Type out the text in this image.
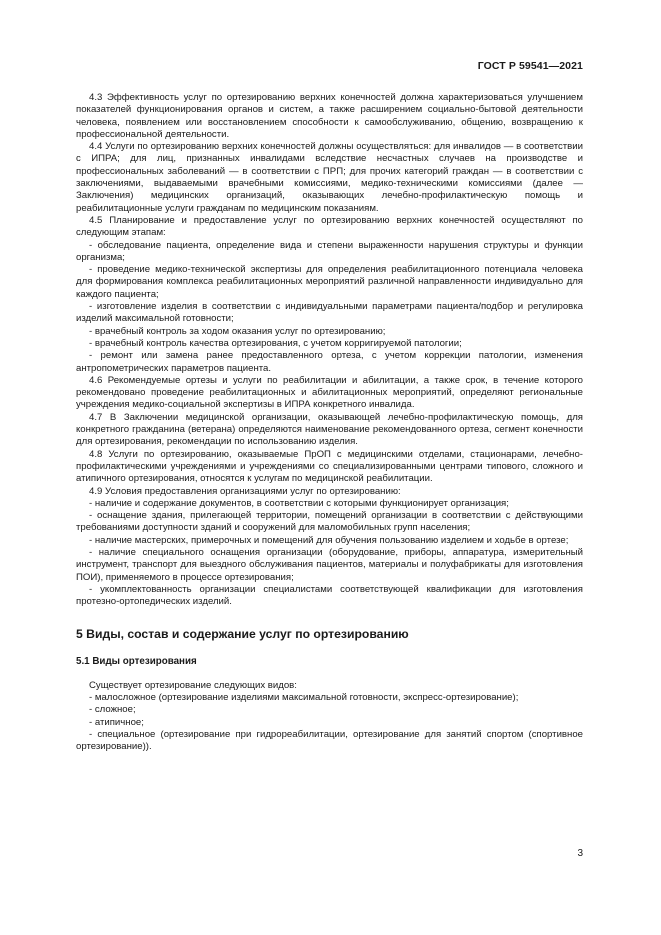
ГОСТ Р 59541—2021

4.3 Эффективность услуг по ортезированию верхних конечностей должна характеризоваться улучшением показателей функционирования органов и систем, а также расширением социально-бытовой деятельности человека, появлением или восстановлением способности к самообслуживанию, общению, возвращению к профессиональной деятельности.

4.4 Услуги по ортезированию верхних конечностей должны осуществляться: для инвалидов — в соответствии с ИПРА; для лиц, признанных инвалидами вследствие несчастных случаев на производстве и профессиональных заболеваний — в соответствии с ПРП; для прочих категорий граждан — в соответствии с заключениями, выдаваемыми врачебными комиссиями, медико-техническими комиссиями (далее — Заключения) медицинских организаций, оказывающих лечебно-профилактическую помощь и реабилитационные услуги гражданам по медицинским показаниям.

4.5 Планирование и предоставление услуг по ортезированию верхних конечностей осуществляют по следующим этапам:

- обследование пациента, определение вида и степени выраженности нарушения структуры и функции организма;

- проведение медико-технической экспертизы для определения реабилитационного потенциала человека для формирования комплекса реабилитационных мероприятий различной направленности индивидуально для каждого пациента;

- изготовление изделия в соответствии с индивидуальными параметрами пациента/подбор и регулировка изделий максимальной готовности;

- врачебный контроль за ходом оказания услуг по ортезированию;

- врачебный контроль качества ортезирования, с учетом корригируемой патологии;

- ремонт или замена ранее предоставленного ортеза, с учетом коррекции патологии, изменения антропометрических параметров пациента.

4.6 Рекомендуемые ортезы и услуги по реабилитации и абилитации, а также срок, в течение которого рекомендовано проведение реабилитационных и абилитационных мероприятий, определяют региональные учреждения медико-социальной экспертизы в ИПРА конкретного инвалида.

4.7 В Заключении медицинской организации, оказывающей лечебно-профилактическую помощь, для конкретного гражданина (ветерана) определяются наименование рекомендованного ортеза, сегмент конечности для ортезирования, рекомендации по использованию изделия.

4.8 Услуги по ортезированию, оказываемые ПрОП с медицинскими отделами, стационарами, лечебно-профилактическими учреждениями и учреждениями со специализированными центрами типового, сложного и атипичного ортезирования, относятся к услугам по медицинской реабилитации.

4.9 Условия предоставления организациями услуг по ортезированию:

- наличие и содержание документов, в соответствии с которыми функционирует организация;

- оснащение здания, прилегающей территории, помещений организации в соответствии с действующими требованиями доступности зданий и сооружений для маломобильных групп населения;

- наличие мастерских, примерочных и помещений для обучения пользованию изделием и ходьбе в ортезе;

- наличие специального оснащения организации (оборудование, приборы, аппаратура, измерительный инструмент, транспорт для выездного обслуживания пациентов, материалы и полуфабрикаты для изготовления ПОИ), применяемого в процессе ортезирования;

- укомплектованность организации специалистами соответствующей квалификации для изготовления протезно-ортопедических изделий.

5 Виды, состав и содержание услуг по ортезированию
5.1 Виды ортезирования

Существует ортезирование следующих видов:

- малосложное (ортезирование изделиями максимальной готовности, экспресс-ортезирование);

- сложное;

- атипичное;

- специальное (ортезирование при гидрореабилитации, ортезирование для занятий спортом (спортивное ортезирование)).

3
